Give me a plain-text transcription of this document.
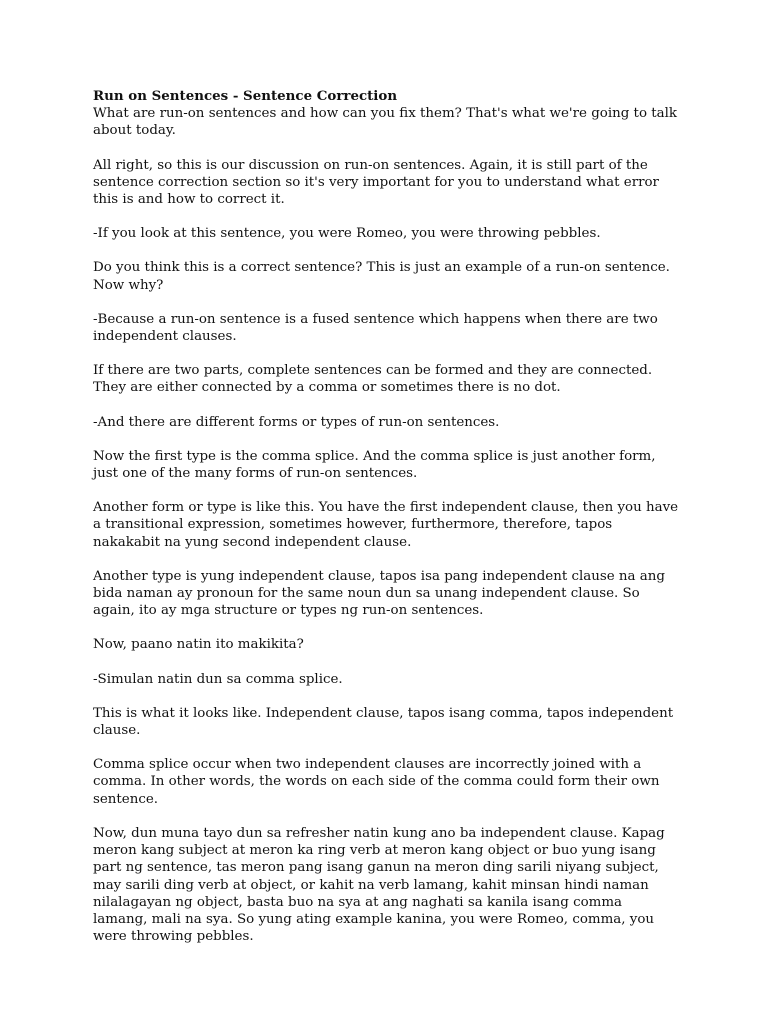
Run on Sentences - Sentence Correction

What are run-on sentences and how can you fix them? That's what we're going to talk about today.

All right, so this is our discussion on run-on sentences. Again, it is still part of the sentence correction section so it's very important for you to understand what error this is and how to correct it.

-If you look at this sentence, you were Romeo, you were throwing pebbles.

Do you think this is a correct sentence? This is just an example of a run-on sentence. Now why?

-Because a run-on sentence is a fused sentence which happens when there are two independent clauses.

If there are two parts, complete sentences can be formed and they are connected. They are either connected by a comma or sometimes there is no dot.

-And there are different forms or types of run-on sentences.

Now the first type is the comma splice. And the comma splice is just another form, just one of the many forms of run-on sentences.

Another form or type is like this. You have the first independent clause, then you have a transitional expression, sometimes however, furthermore, therefore, tapos nakakabit na yung second independent clause.

Another type is yung independent clause, tapos isa pang independent clause na ang bida naman ay pronoun for the same noun dun sa unang independent clause. So again, ito ay mga structure or types ng run-on sentences.

Now, paano natin ito makikita?

-Simulan natin dun sa comma splice.

This is what it looks like. Independent clause, tapos isang comma, tapos independent clause.

Comma splice occur when two independent clauses are incorrectly joined with a comma. In other words, the words on each side of the comma could form their own sentence.

Now, dun muna tayo dun sa refresher natin kung ano ba independent clause. Kapag meron kang subject at meron ka ring verb at meron kang object or buo yung isang part ng sentence, tas meron pang isang ganun na meron ding sarili niyang subject, may sarili ding verb at object, or kahit na verb lamang, kahit minsan hindi naman nilalagayan ng object, basta buo na sya at ang naghati sa kanila isang comma lamang, mali na sya. So yung ating example kanina, you were Romeo, comma, you were throwing pebbles.
